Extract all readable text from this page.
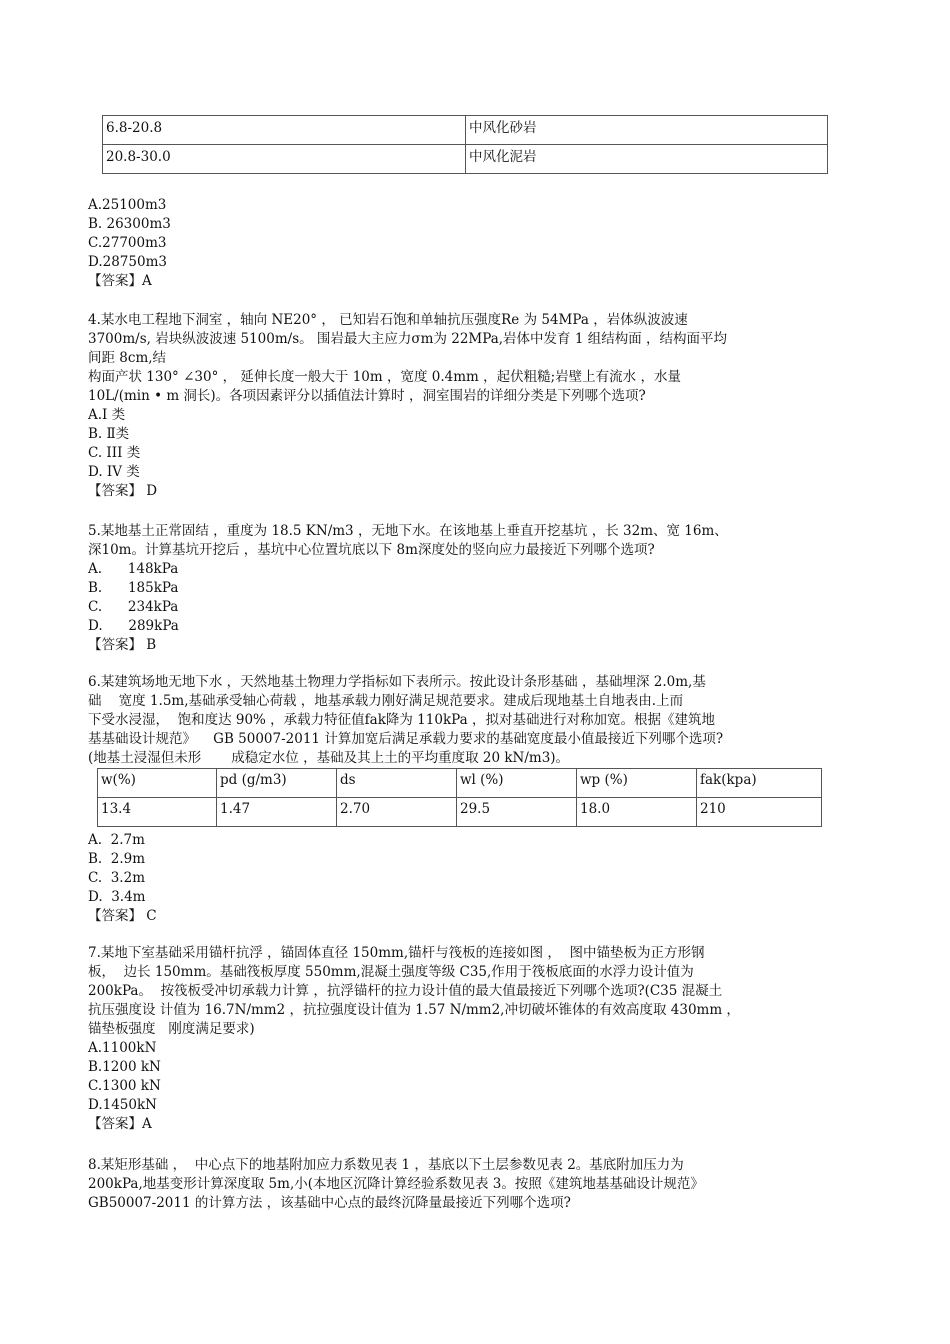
6.8-20.8	中风化砂岩
20.8-30.0	中风化泥岩
A.25100m3
B. 26300m3
C.27700m3
D.28750m3
【答案】A
4.某水电工程地下洞室 ，轴向 NE20° ， 已知岩石饱和单轴抗压强度Re 为 54MPa ，岩体纵波波速
3700m/s, 岩块纵波波速 5100m/s。 围岩最大主应力σm为 22MPa,岩体中发育 1 组结构面 ，结构面平均
间距 8cm,结
构面产状 130° ∠30° ， 延伸长度一般大于 10m ，宽度 0.4mm ，起伏粗糙;岩壁上有流水 ，水量
10L/(min • m 洞长)。各项因素评分以插值法计算时 ，洞室围岩的详细分类是下列哪个选项?
A.I 类
B. Ⅱ类
C. III 类
D. IV 类
【答案】 D
5.某地基土正常固结 ，重度为 18.5 KN/m3 ，无地下水。在该地基上垂直开挖基坑 ，长 32m、宽 16m、
深10m。计算基坑开挖后 ，基坑中心位置坑底以下 8m深度处的竖向应力最接近下列哪个选项?
A.      148kPa
B.      185kPa
C.      234kPa
D.      289kPa
【答案】 B
6.某建筑场地无地下水 ，天然地基土物理力学指标如下表所示。按此设计条形基础 ，基础埋深 2.0m,基
础    宽度 1.5m,基础承受轴心荷载 ，地基承载力刚好满足规范要求。建成后现地基土自地表由.上而
下受水浸湿，  饱和度达 90% ，承载力特征值fak降为 110kPa ，拟对基础进行对称加宽。根据《建筑地
基基础设计规范》    GB 50007-2011 计算加宽后满足承载力要求的基础宽度最小值最接近下列哪个选项?
(地基土浸湿但未形       成稳定水位 ，基础及其上土的平均重度取 20 kN/m3)。
w(%)	pd (g/m3)	ds	wl (%)	wp (%)	fak(kpa)
13.4	1.47	2.70	29.5	18.0	210
A.  2.7m
B.  2.9m
C.  3.2m
D.  3.4m
【答案】 C
7.某地下室基础采用锚杆抗浮 ，锚固体直径 150mm,锚杆与筏板的连接如图 ，  图中锚垫板为正方形钢
板，  边长 150mm。基础筏板厚度 550mm,混凝土强度等级 C35,作用于筏板底面的水浮力设计值为
200kPa。  按筏板受冲切承载力计算 ，抗浮锚杆的拉力设计值的最大值最接近下列哪个选项?(C35 混凝土
抗压强度设 计值为 16.7N/mm2 ，抗拉强度设计值为 1.57 N/mm2,冲切破坏锥体的有效高度取 430mm ，
锚垫板强度   刚度满足要求)
A.1100kN
B.1200 kN
C.1300 kN
D.1450kN
【答案】A
8.某矩形基础 ，  中心点下的地基附加应力系数见表 1 ，基底以下土层参数见表 2。基底附加压力为
200kPa,地基变形计算深度取 5m,小(本地区沉降计算经验系数见表 3。按照《建筑地基基础设计规范》
GB50007-2011 的计算方法 ，该基础中心点的最终沉降量最接近下列哪个选项?
